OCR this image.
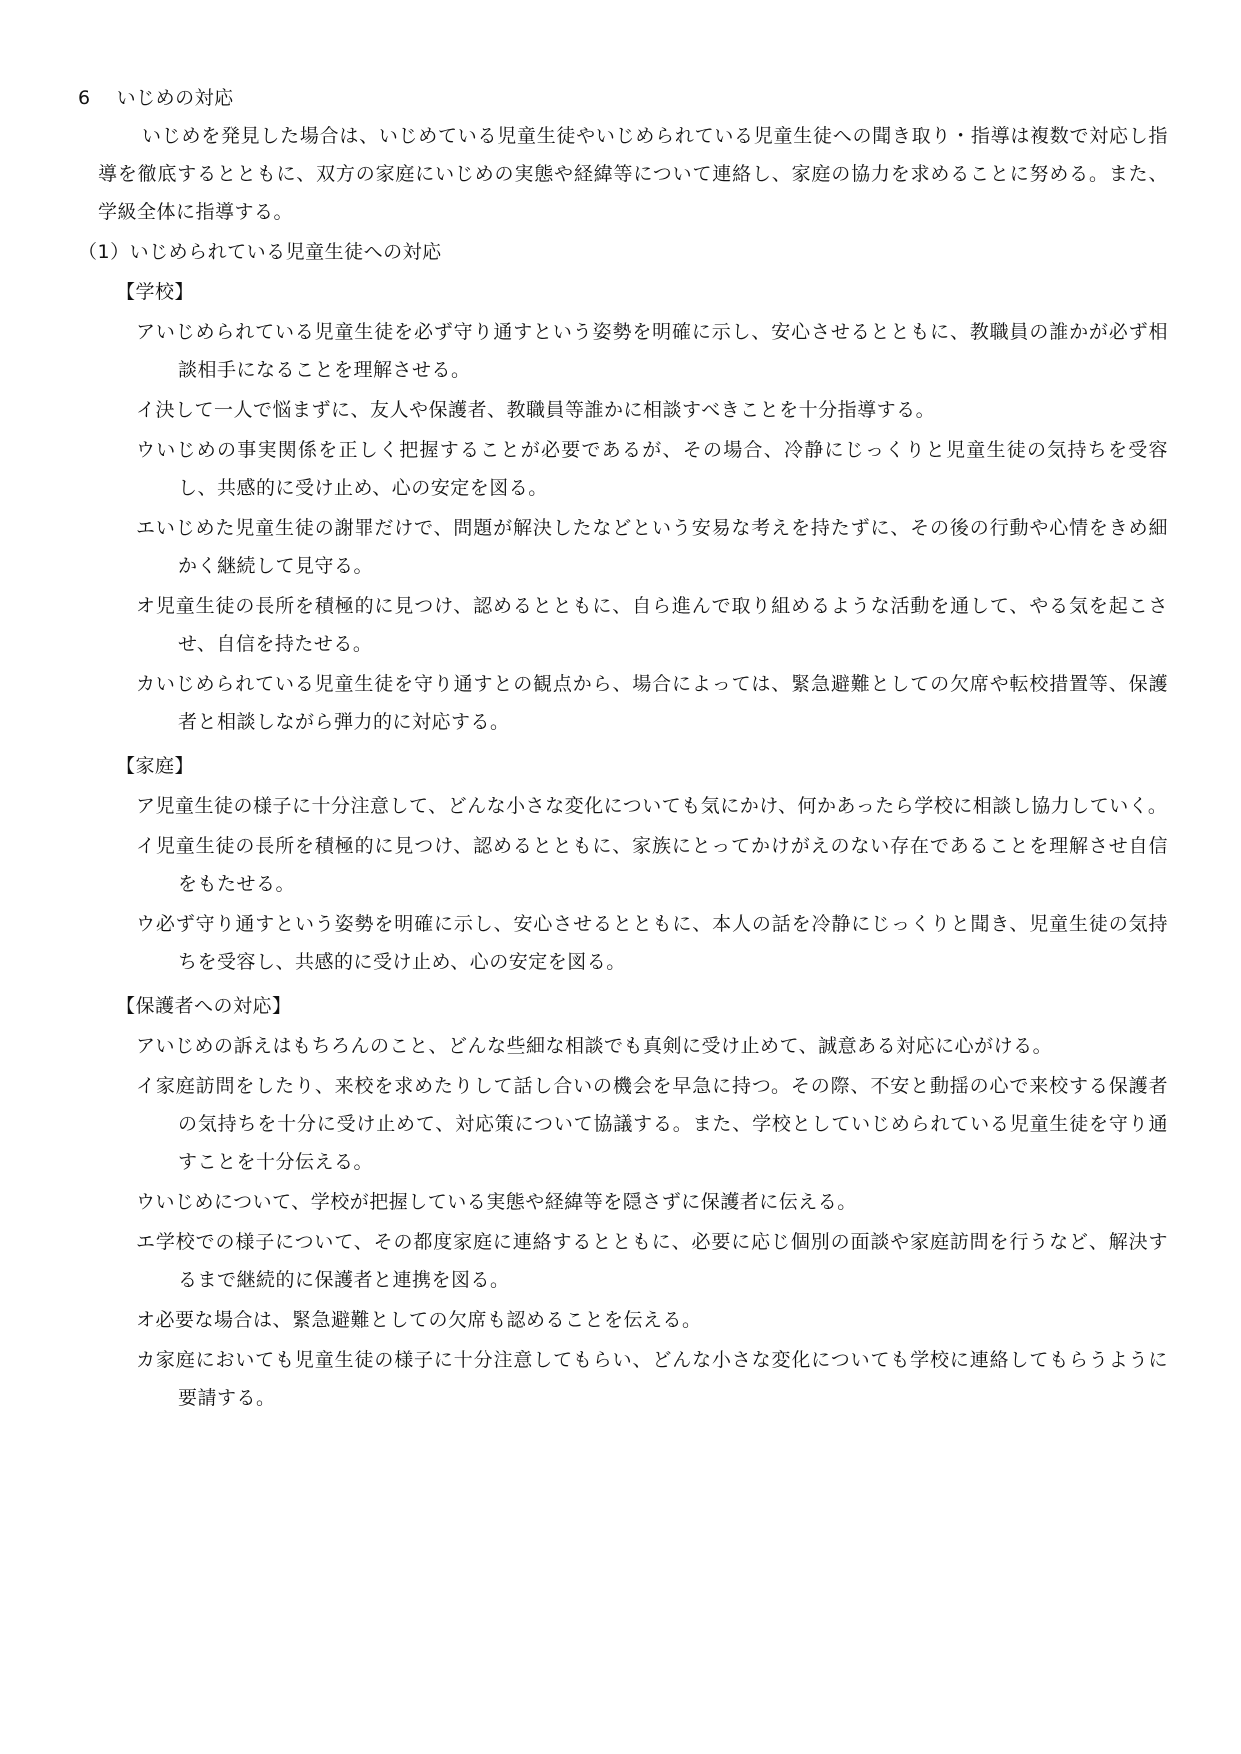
6 いじめの対応

いじめを発見した場合は、いじめている児童生徒やいじめられている児童生徒への聞き取り・指導は複数で対応し指導を徹底するとともに、双方の家庭にいじめの実態や経緯等について連絡し、家庭の協力を求めることに努める。また、学級全体に指導する。

（1）いじめられている児童生徒への対応
【学校】
アいじめられている児童生徒を必ず守り通すという姿勢を明確に示し、安心させるとともに、教職員の誰かが必ず相談相手になることを理解させる。
イ決して一人で悩まずに、友人や保護者、教職員等誰かに相談すべきことを十分指導する。
ウいじめの事実関係を正しく把握することが必要であるが、その場合、冷静にじっくりと児童生徒の気持ちを受容し、共感的に受け止め、心の安定を図る。
エいじめた児童生徒の謝罪だけで、問題が解決したなどという安易な考えを持たずに、その後の行動や心情をきめ細かく継続して見守る。
オ児童生徒の長所を積極的に見つけ、認めるとともに、自ら進んで取り組めるような活動を通して、やる気を起こさせ、自信を持たせる。
カいじめられている児童生徒を守り通すとの観点から、場合によっては、緊急避難としての欠席や転校措置等、保護者と相談しながら弾力的に対応する。
【家庭】
ア児童生徒の様子に十分注意して、どんな小さな変化についても気にかけ、何かあったら学校に相談し協力していく。
イ児童生徒の長所を積極的に見つけ、認めるとともに、家族にとってかけがえのない存在であることを理解させ自信をもたせる。
ウ必ず守り通すという姿勢を明確に示し、安心させるとともに、本人の話を冷静にじっくりと聞き、児童生徒の気持ちを受容し、共感的に受け止め、心の安定を図る。
【保護者への対応】
アいじめの訴えはもちろんのこと、どんな些細な相談でも真剣に受け止めて、誠意ある対応に心がける。
イ家庭訪問をしたり、来校を求めたりして話し合いの機会を早急に持つ。その際、不安と動揺の心で来校する保護者の気持ちを十分に受け止めて、対応策について協議する。また、学校としていじめられている児童生徒を守り通すことを十分伝える。
ウいじめについて、学校が把握している実態や経緯等を隠さずに保護者に伝える。
エ学校での様子について、その都度家庭に連絡するとともに、必要に応じ個別の面談や家庭訪問を行うなど、解決するまで継続的に保護者と連携を図る。
オ必要な場合は、緊急避難としての欠席も認めることを伝える。
カ家庭においても児童生徒の様子に十分注意してもらい、どんな小さな変化についても学校に連絡してもらうように要請する。
